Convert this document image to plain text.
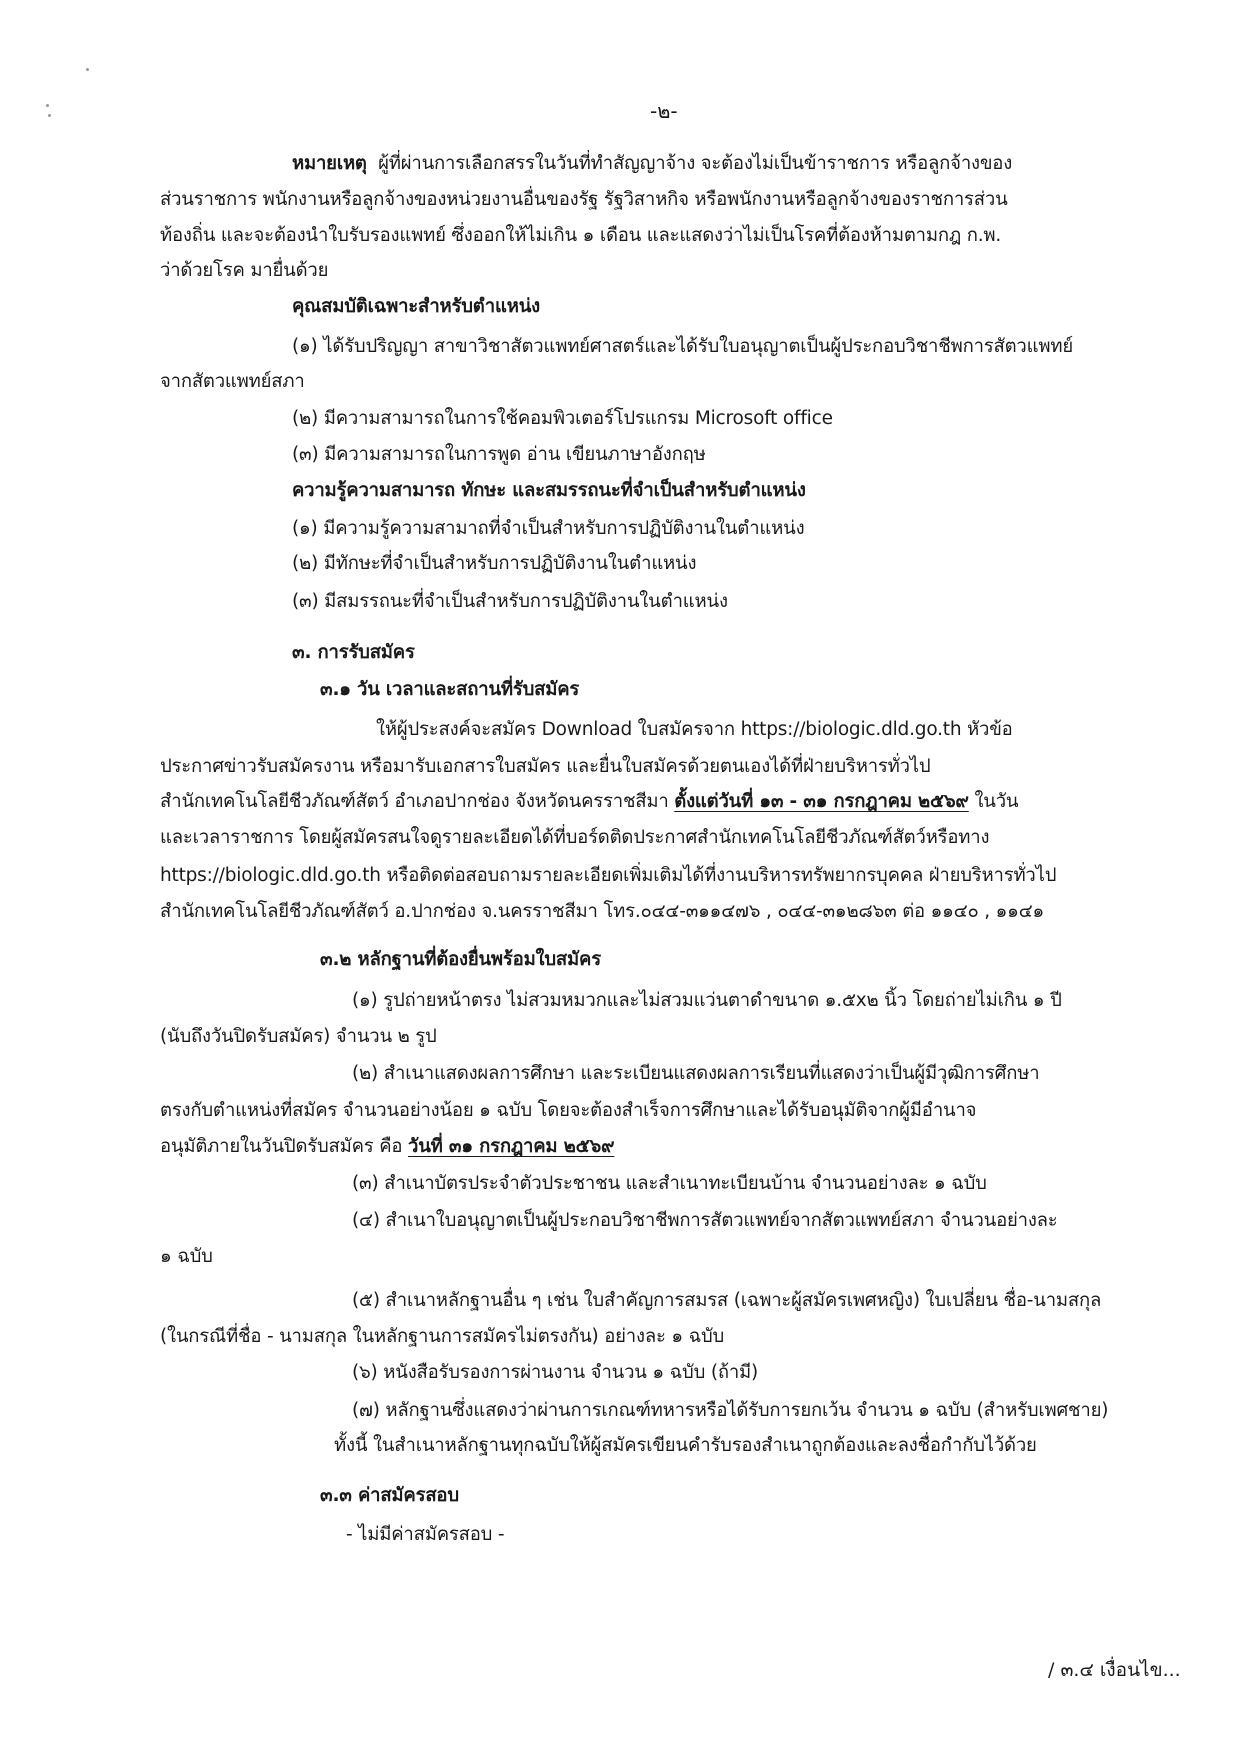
-๒-
หมายเหตุ ผู้ที่ผ่านการเลือกสรรในวันที่ทำสัญญาจ้าง จะต้องไม่เป็นข้าราชการ หรือลูกจ้างของ
ส่วนราชการ พนักงานหรือลูกจ้างของหน่วยงานอื่นของรัฐ รัฐวิสาหกิจ หรือพนักงานหรือลูกจ้างของราชการส่วน
ท้องถิ่น และจะต้องนำใบรับรองแพทย์ ซึ่งออกให้ไม่เกิน ๑ เดือน และแสดงว่าไม่เป็นโรคที่ต้องห้ามตามกฎ ก.พ.
ว่าด้วยโรค มายื่นด้วย
คุณสมบัติเฉพาะสำหรับตำแหน่ง
(๑) ได้รับปริญญา สาขาวิชาสัตวแพทย์ศาสตร์และได้รับใบอนุญาตเป็นผู้ประกอบวิชาชีพการสัตวแพทย์
จากสัตวแพทย์สภา
(๒) มีความสามารถในการใช้คอมพิวเตอร์โปรแกรม Microsoft office
(๓) มีความสามารถในการพูด อ่าน เขียนภาษาอังกฤษ
ความรู้ความสามารถ ทักษะ และสมรรถนะที่จำเป็นสำหรับตำแหน่ง
(๑) มีความรู้ความสามาถที่จำเป็นสำหรับการปฏิบัติงานในตำแหน่ง
(๒) มีทักษะที่จำเป็นสำหรับการปฏิบัติงานในตำแหน่ง
(๓) มีสมรรถนะที่จำเป็นสำหรับการปฏิบัติงานในตำแหน่ง
๓. การรับสมัคร
๓.๑ วัน เวลาและสถานที่รับสมัคร
ให้ผู้ประสงค์จะสมัคร Download ใบสมัครจาก https://biologic.dld.go.th หัวข้อ
ประกาศข่าวรับสมัครงาน หรือมารับเอกสารใบสมัคร และยื่นใบสมัครด้วยตนเองได้ที่ฝ่ายบริหารทั่วไป
สำนักเทคโนโลยีชีวภัณฑ์สัตว์ อำเภอปากช่อง จังหวัดนครราชสีมา ตั้งแต่วันที่ ๑๓ - ๓๑ กรกฎาคม ๒๕๖๙ ในวัน
และเวลาราชการ โดยผู้สมัครสนใจดูรายละเอียดได้ที่บอร์ดติดประกาศสำนักเทคโนโลยีชีวภัณฑ์สัตว์หรือทาง
https://biologic.dld.go.th หรือติดต่อสอบถามรายละเอียดเพิ่มเติมได้ที่งานบริหารทรัพยากรบุคคล ฝ่ายบริหารทั่วไป
สำนักเทคโนโลยีชีวภัณฑ์สัตว์ อ.ปากช่อง จ.นครราชสีมา โทร.๐๔๔-๓๑๑๔๗๖ , ๐๔๔-๓๑๒๘๖๓ ต่อ ๑๑๔๐ , ๑๑๔๑
๓.๒ หลักฐานที่ต้องยื่นพร้อมใบสมัคร
(๑) รูปถ่ายหน้าตรง ไม่สวมหมวกและไม่สวมแว่นตาดำขนาด ๑.๕x๒ นิ้ว โดยถ่ายไม่เกิน ๑ ปี
(นับถึงวันปิดรับสมัคร) จำนวน ๒ รูป
(๒) สำเนาแสดงผลการศึกษา และระเบียนแสดงผลการเรียนที่แสดงว่าเป็นผู้มีวุฒิการศึกษา
ตรงกับตำแหน่งที่สมัคร จำนวนอย่างน้อย ๑ ฉบับ โดยจะต้องสำเร็จการศึกษาและได้รับอนุมัติจากผู้มีอำนาจ
อนุมัติภายในวันปิดรับสมัคร คือ วันที่ ๓๑ กรกฎาคม ๒๕๖๙
(๓) สำเนาบัตรประจำตัวประชาชน และสำเนาทะเบียนบ้าน จำนวนอย่างละ ๑ ฉบับ
(๔) สำเนาใบอนุญาตเป็นผู้ประกอบวิชาชีพการสัตวแพทย์จากสัตวแพทย์สภา จำนวนอย่างละ
๑ ฉบับ
(๕) สำเนาหลักฐานอื่น ๆ เช่น ใบสำคัญการสมรส (เฉพาะผู้สมัครเพศหญิง) ใบเปลี่ยน ชื่อ-นามสกุล
(ในกรณีที่ชื่อ - นามสกุล ในหลักฐานการสมัครไม่ตรงกัน) อย่างละ ๑ ฉบับ
(๖) หนังสือรับรองการผ่านงาน จำนวน ๑ ฉบับ (ถ้ามี)
(๗) หลักฐานซึ่งแสดงว่าผ่านการเกณฑ์ทหารหรือได้รับการยกเว้น จำนวน ๑ ฉบับ (สำหรับเพศชาย)
ทั้งนี้ ในสำเนาหลักฐานทุกฉบับให้ผู้สมัครเขียนคำรับรองสำเนาถูกต้องและลงชื่อกำกับไว้ด้วย
๓.๓ ค่าสมัครสอบ
- ไม่มีค่าสมัครสอบ -
/ ๓.๔ เงื่อนไข...
